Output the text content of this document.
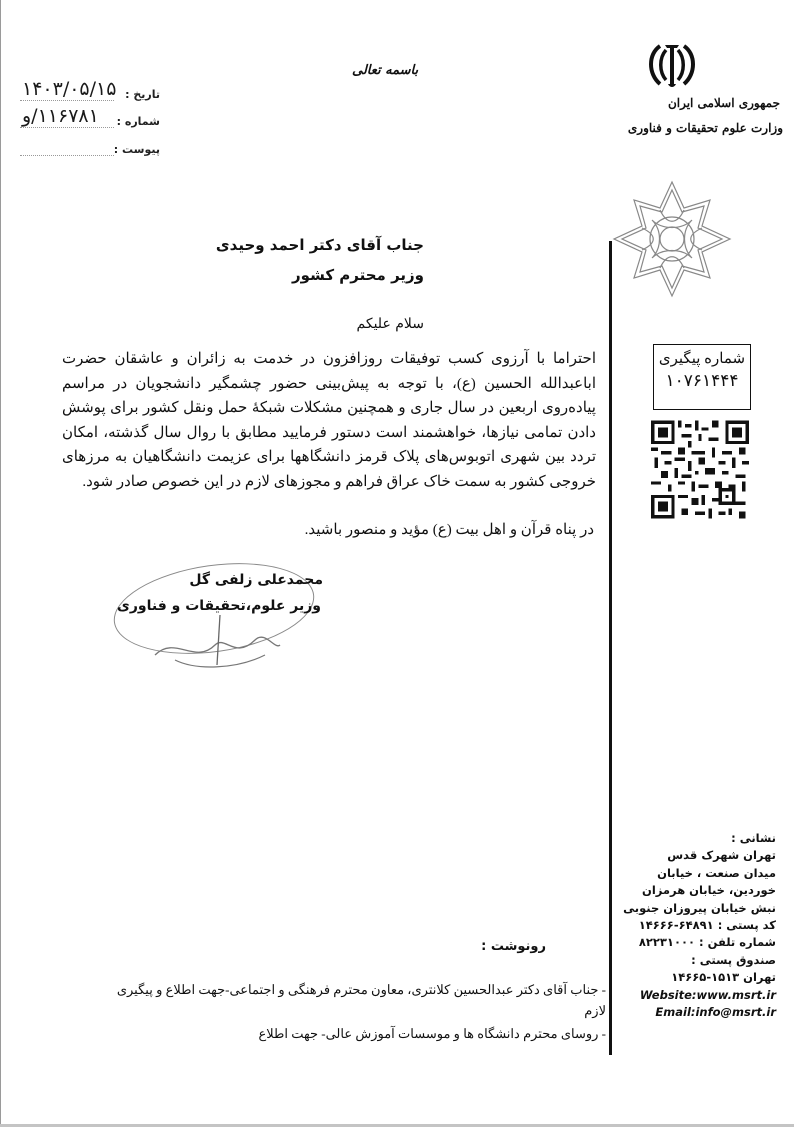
باسمه تعالی
تاریخ :
۱۴۰۳/۰۵/۱۵
شماره :
۱۱۶۷۸۱/و
پیوست :
جمهوری اسلامی ایران
وزارت علوم تحقیقات و فناوری
جناب آقای دکتر احمد وحیدی
وزیر محترم کشور
سلام علیکم
احتراما با آرزوی کسب توفیقات روزافزون در خدمت به زائران و عاشقان حضرت اباعبدالله الحسین (ع)، با توجه به پیش‌بینی حضور چشمگیر دانشجویان در مراسم پیاده‌روی اربعین در سال جاری و همچنین مشکلات شبکهٔ حمل ونقل کشور برای پوشش دادن تمامی نیازها، خواهشمند است دستور فرمایید مطابق با روال سال گذشته، امکان تردد بین شهری اتوبوس‌های پلاک قرمز دانشگاهها برای عزیمت دانشگاهیان به مرزهای خروجی کشور به سمت خاک عراق فراهم و مجوزهای لازم در این خصوص صادر شود.
در پناه قرآن و اهل بیت (ع) مؤید و منصور باشید.
محمدعلی زلفی گل
وزیر علوم،تحقیقات و فناوری
شماره پیگیری
۱۰۷۶۱۴۴۴
نشانی :
تهران شهرک قدس
میدان صنعت ، خیابان
خوردین، خیابان هرمزان
نبش خیابان پیروزان جنوبی
کد پستی : ۶۴۸۹۱-۱۴۶۶۶
شماره تلفن : ۸۲۲۳۱۰۰۰
صندوق پستی :
تهران ۱۵۱۳-۱۴۶۶۵
Website:www.msrt.ir
Email:info@msrt.ir
رونوشت :
- جناب آقای دکتر عبدالحسین کلانتری، معاون محترم فرهنگی و اجتماعی-جهت اطلاع و پیگیری
لازم
- روسای محترم دانشگاه ها و موسسات آموزش عالی- جهت اطلاع
